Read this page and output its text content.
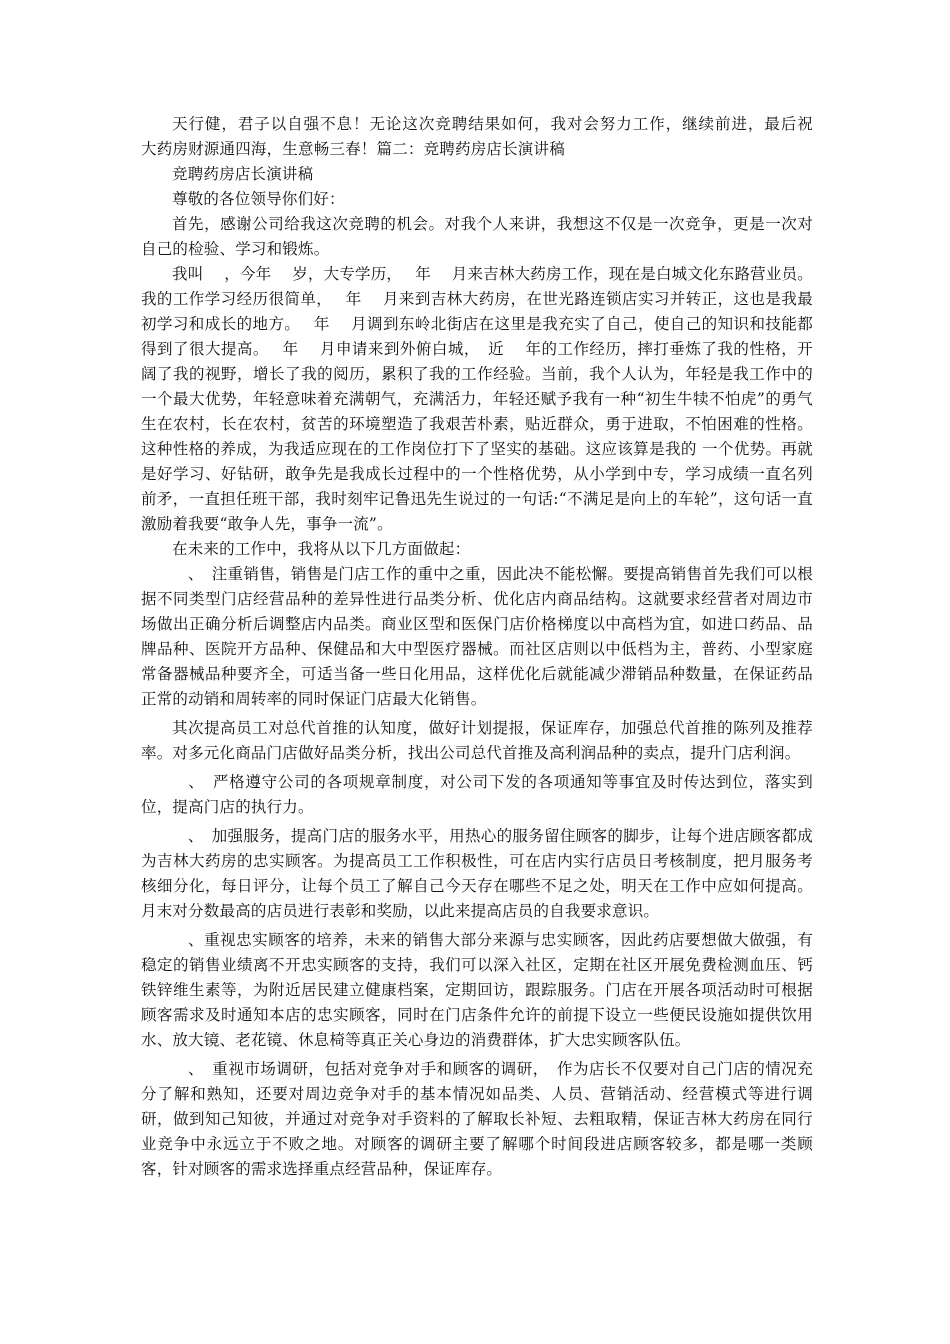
天行健，君子以自强不息！无论这次竞聘结果如何，我对会努力工作，继续前进，最后祝　 大药房财源通四海，生意畅三春！篇二：竞聘药房店长演讲稿

竞聘药房店长演讲稿

尊敬的各位领导你们好：

首先，感谢公司给我这次竞聘的机会。对我个人来讲，我想这不仅是一次竞争，更是一次对自己的检验、学习和锻炼。

我叫　 ，今年　 岁，大专学历，　 年　 月来吉林大药房工作，现在是白城文化东路营业员。我的工作学习经历很简单，　 年　 月来到吉林大药房，在世光路连锁店实习并转正，这也是我最初学习和成长的地方。　 年　 月调到东岭北街店在这里是我充实了自己，使自己的知识和技能都得到了很大提高。　 年　 月申请来到外俯白城，　近　 年的工作经历，摔打垂炼了我的性格，开阔了我的视野，增长了我的阅历，累积了我的工作经验。当前，我个人认为，年轻是我工作中的一个最大优势，年轻意味着充满朝气，充满活力，年轻还赋予我有一种“初生牛犊不怕虎”的勇气 生在农村，长在农村，贫苦的环境塑造了我艰苦朴素，贴近群众，勇于进取，不怕困难的性格。这种性格的养成，为我适应现在的工作岗位打下了坚实的基础。这应该算是我的 一个优势。再就是好学习、好钻研，敢争先是我成长过程中的一个性格优势，从小学到中专，学习成绩一直名列前矛，一直担任班干部，我时刻牢记鲁迅先生说过的一句话:“不满足是向上的车轮”，这句话一直激励着我要“敢争人先，事争一流”。

在未来的工作中，我将从以下几方面做起：

　、　注重销售，销售是门店工作的重中之重，因此决不能松懈。要提高销售首先我们可以根据不同类型门店经营品种的差异性进行品类分析、优化店内商品结构。这就要求经营者对周边市场做出正确分析后调整店内品类。商业区型和医保门店价格梯度以中高档为宜，如进口药品、品牌品种、医院开方品种、保健品和大中型医疗器械。而社区店则以中低档为主，普药、小型家庭常备器械品种要齐全，可适当备一些日化用品，这样优化后就能减少滞销品种数量，在保证药品正常的动销和周转率的同时保证门店最大化销售。

其次提高员工对总代首推的认知度，做好计划提报，保证库存，加强总代首推的陈列及推荐率。对多元化商品门店做好品类分析，找出公司总代首推及高利润品种的卖点，提升门店利润。

　、　严格遵守公司的各项规章制度，对公司下发的各项通知等事宜及时传达到位，落实到位，提高门店的执行力。

　、　加强服务，提高门店的服务水平，用热心的服务留住顾客的脚步，让每个进店顾客都成为吉林大药房的忠实顾客。为提高员工工作积极性，可在店内实行店员日考核制度，把月服务考核细分化，每日评分，让每个员工了解自己今天存在哪些不足之处，明天在工作中应如何提高。月末对分数最高的店员进行表彰和奖励，以此来提高店员的自我要求意识。

　、重视忠实顾客的培养，未来的销售大部分来源与忠实顾客，因此药店要想做大做强，有稳定的销售业绩离不开忠实顾客的支持，我们可以深入社区，定期在社区开展免费检测血压、钙铁锌维生素等，为附近居民建立健康档案，定期回访，跟踪服务。门店在开展各项活动时可根据顾客需求及时通知本店的忠实顾客，同时在门店条件允许的前提下设立一些便民设施如提供饮用水、放大镜、老花镜、休息椅等真正关心身边的消费群体，扩大忠实顾客队伍。

　、　重视市场调研，包括对竞争对手和顾客的调研，　作为店长不仅要对自己门店的情况充分了解和熟知，还要对周边竞争对手的基本情况如品类、人员、营销活动、经营模式等进行调研，做到知己知彼，并通过对竞争对手资料的了解取长补短、去粗取精，保证吉林大药房在同行业竞争中永远立于不败之地。对顾客的调研主要了解哪个时间段进店顾客较多，都是哪一类顾客，针对顾客的需求选择重点经营品种，保证库存。
